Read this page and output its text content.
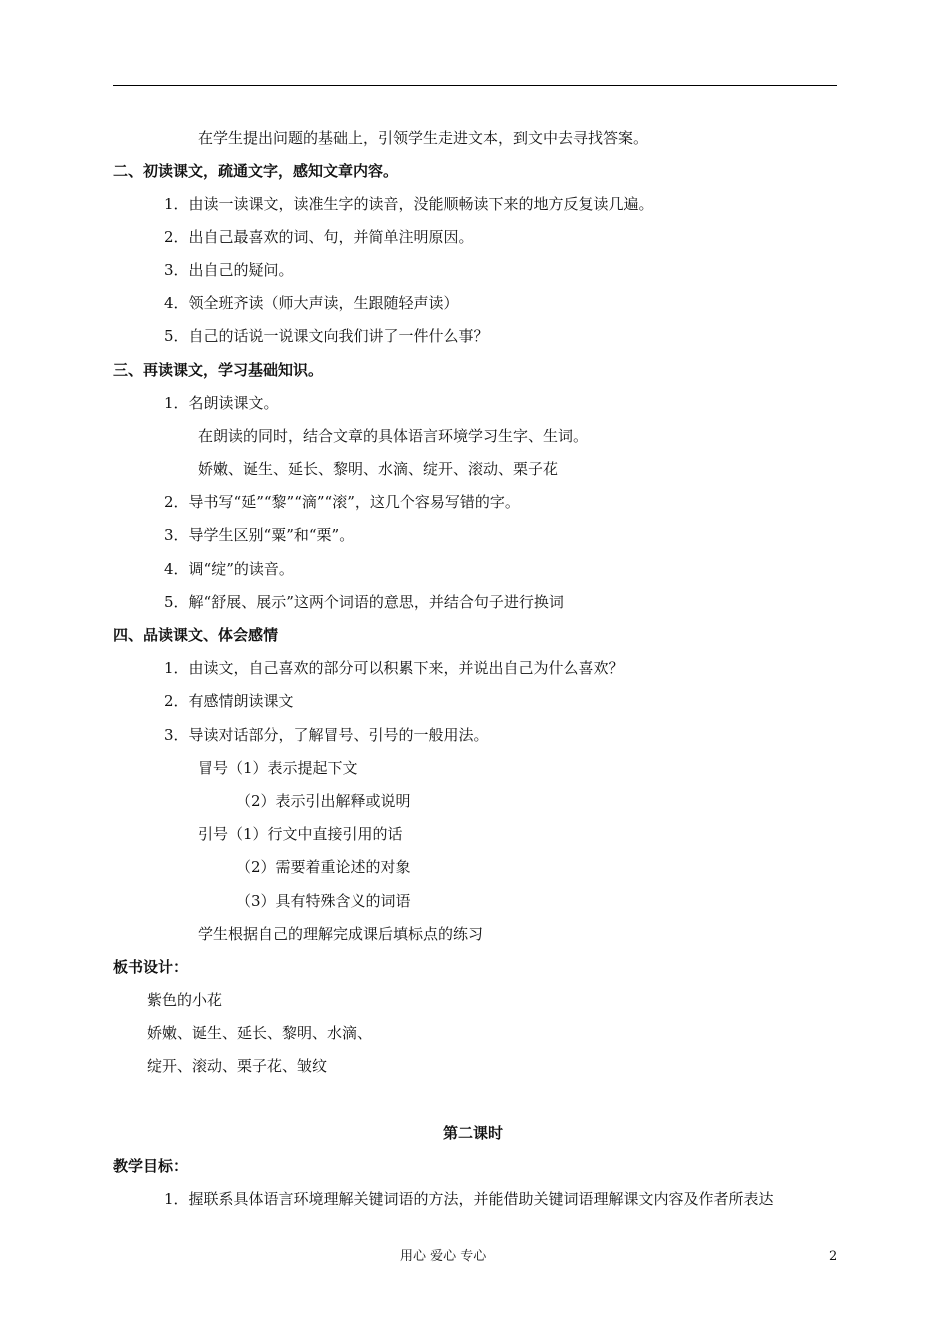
在学生提出问题的基础上，引领学生走进文本，到文中去寻找答案。
二、初读课文，疏通文字，感知文章内容。
1．由读一读课文，读准生字的读音，没能顺畅读下来的地方反复读几遍。
2．出自己最喜欢的词、句，并简单注明原因。
3．出自己的疑问。
4．领全班齐读（师大声读，生跟随轻声读）
5．自己的话说一说课文向我们讲了一件什么事？
三、再读课文，学习基础知识。
1．名朗读课文。
在朗读的同时，结合文章的具体语言环境学习生字、生词。
娇嫩、诞生、延长、黎明、水滴、绽开、滚动、栗子花
2．导书写“延”“黎”“滴”“滚”，这几个容易写错的字。
3．导学生区别“粟”和“栗”。
4．调“绽”的读音。
5．解“舒展、展示”这两个词语的意思，并结合句子进行换词
四、品读课文、体会感情
1．由读文，自己喜欢的部分可以积累下来，并说出自己为什么喜欢？
2．有感情朗读课文
3．导读对话部分，了解冒号、引号的一般用法。
冒号（1）表示提起下文
（2）表示引出解释或说明
引号（1）行文中直接引用的话
（2）需要着重论述的对象
（3）具有特殊含义的词语
学生根据自己的理解完成课后填标点的练习
板书设计：
紫色的小花
娇嫩、诞生、延长、黎明、水滴、
绽开、滚动、栗子花、皱纹
第二课时
教学目标：
1．握联系具体语言环境理解关键词语的方法，并能借助关键词语理解课文内容及作者所表达
用心 爱心 专心	2
